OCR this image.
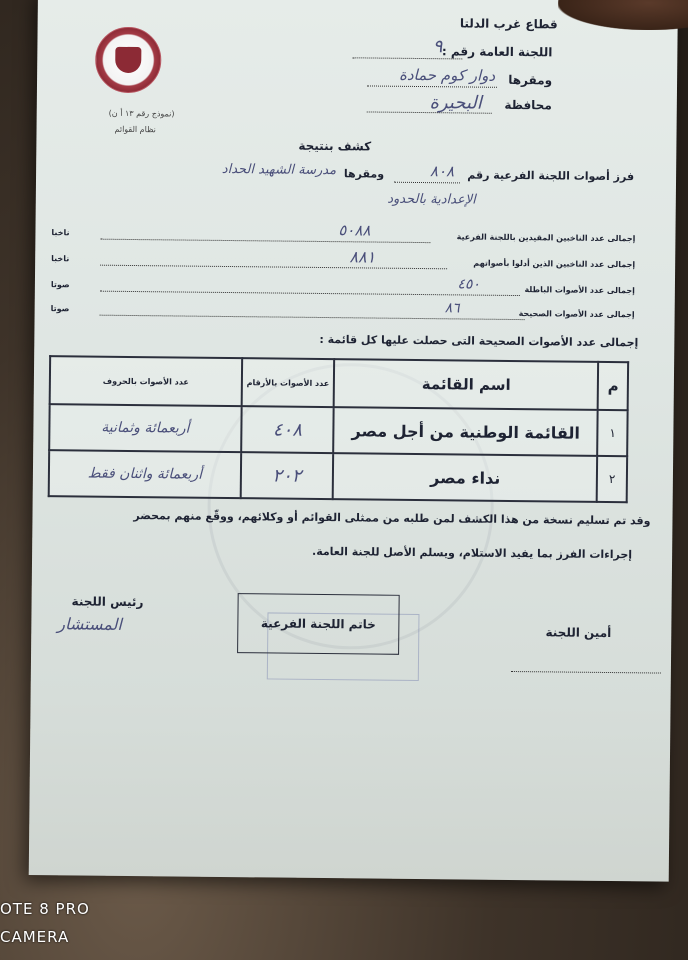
قطاع غرب الدلتا
اللجنة العامة رقم :
٩
ومقرها
دوار كوم حمادة
محافظة
البحيرة
(نموذج رقم ١٣ أ ن)
نظام القوائم
كشف بنتيجة
فرز أصوات اللجنة الفرعية رقم
٨٠٨
ومقرها
مدرسة الشهيد الحداد
الإعدادية بالحدود
إجمالى عدد الناخبين المقيدين باللجنة الفرعية
٥٠٨٨
ناخبا
إجمالى عدد الناخبين الذين أدلوا بأصواتهم
٨٨١
ناخبا
إجمالى عدد الأصوات الباطلة
٤٥٠
صوتا
إجمالى عدد الأصوات الصحيحة
٨٦
صوتا
إجمالى عدد الأصوات الصحيحة التى حصلت عليها كل قائمة :
م	اسم القائمة	عدد الأصوات بالأرقام	عدد الأصوات بالحروف
١	القائمة الوطنية من أجل مصر	٤٠٨	أربعمائة وثمانية
٢	نداء مصر	٢٠٢	أربعمائة واثنان فقط
وقد تم تسليم نسخة من هذا الكشف لمن طلبه من ممثلى القوائم أو وكلائهم، ووقّع منهم بمحضر
إجراءات الفرز بما يفيد الاستلام، ويسلم الأصل للجنة العامة.
رئيس اللجنة
المستشار	خاتم اللجنة الفرعية
أمين اللجنة
OTE 8 PRO
CAMERA
